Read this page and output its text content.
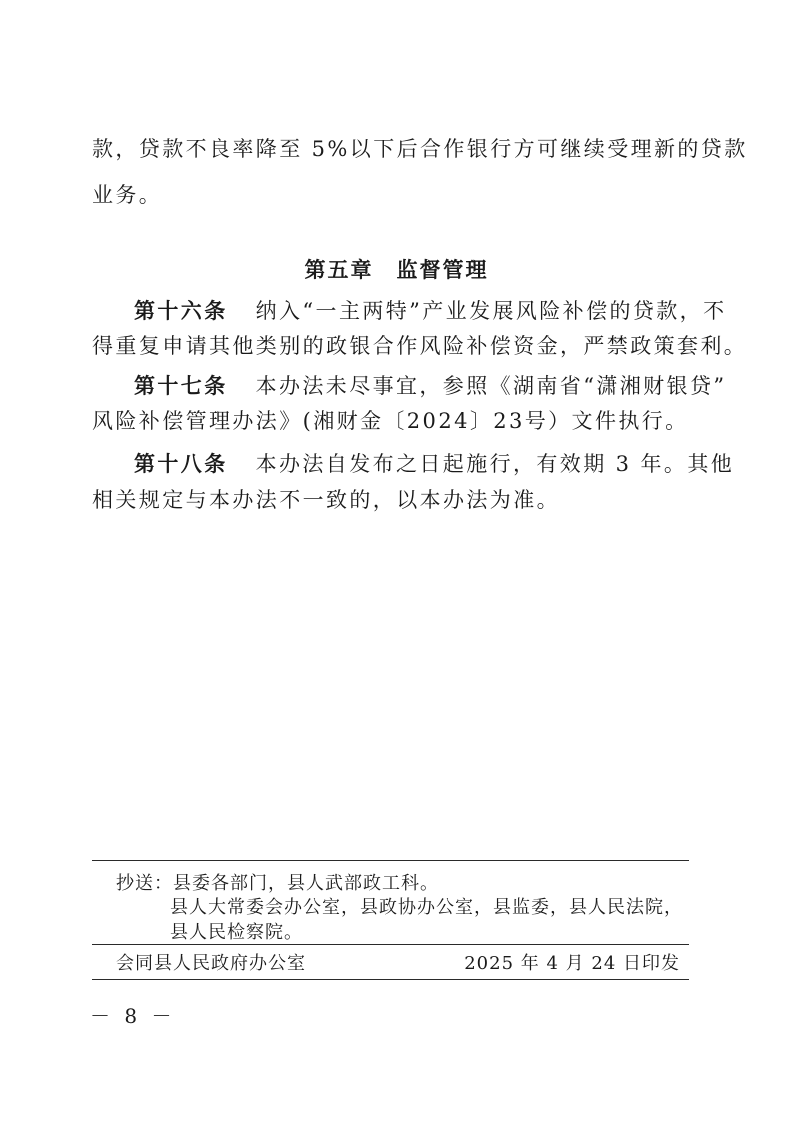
款，贷款不良率降至 5%以下后合作银行方可继续受理新的贷款
业务。
第五章　监督管理
第十六条 纳入“一主两特”产业发展风险补偿的贷款，不
得重复申请其他类别的政银合作风险补偿资金，严禁政策套利。
第十七条 本办法未尽事宜，参照《湖南省“潇湘财银贷”
风险补偿管理办法》(湘财金〔2024〕23号）文件执行。
第十八条 本办法自发布之日起施行，有效期 3 年。其他
相关规定与本办法不一致的，以本办法为准。
抄送：县委各部门，县人武部政工科。
县人大常委会办公室，县政协办公室，县监委，县人民法院，
县人民检察院。
会同县人民政府办公室	2025 年 4 月 24 日印发
－ 8 －
